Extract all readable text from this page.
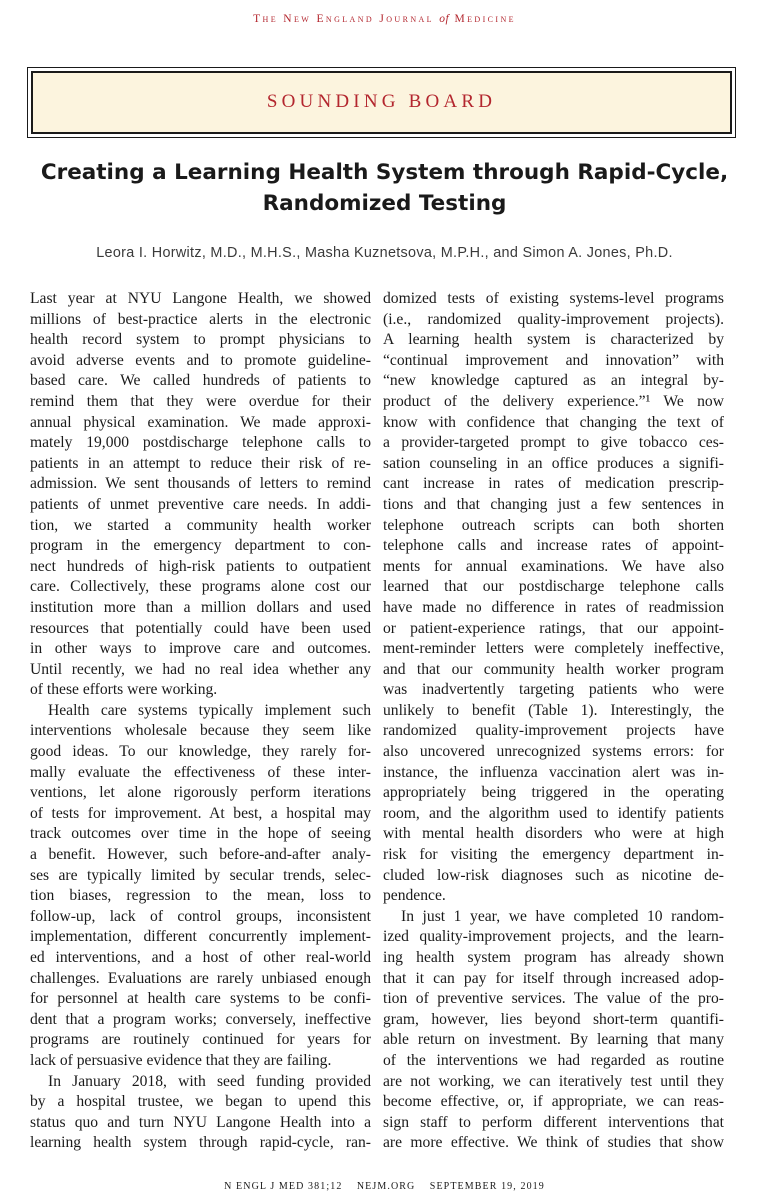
The New England Journal of Medicine
SOUNDING BOARD
Creating a Learning Health System through Rapid-Cycle,
Randomized Testing
Leora I. Horwitz, M.D., M.H.S., Masha Kuznetsova, M.P.H., and Simon A. Jones, Ph.D.
Last year at NYU Langone Health, we showed
millions of best-practice alerts in the electronic
health record system to prompt physicians to
avoid adverse events and to promote guideline-
based care. We called hundreds of patients to
remind them that they were overdue for their
annual physical examination. We made approxi-
mately 19,000 postdischarge telephone calls to
patients in an attempt to reduce their risk of re-
admission. We sent thousands of letters to remind
patients of unmet preventive care needs. In addi-
tion, we started a community health worker
program in the emergency department to con-
nect hundreds of high-risk patients to outpatient
care. Collectively, these programs alone cost our
institution more than a million dollars and used
resources that potentially could have been used
in other ways to improve care and outcomes.
Until recently, we had no real idea whether any
of these efforts were working.
Health care systems typically implement such
interventions wholesale because they seem like
good ideas. To our knowledge, they rarely for-
mally evaluate the effectiveness of these inter-
ventions, let alone rigorously perform iterations
of tests for improvement. At best, a hospital may
track outcomes over time in the hope of seeing
a benefit. However, such before-and-after analy-
ses are typically limited by secular trends, selec-
tion biases, regression to the mean, loss to
follow-up, lack of control groups, inconsistent
implementation, different concurrently implement-
ed interventions, and a host of other real-world
challenges. Evaluations are rarely unbiased enough
for personnel at health care systems to be confi-
dent that a program works; conversely, ineffective
programs are routinely continued for years for
lack of persuasive evidence that they are failing.
In January 2018, with seed funding provided
by a hospital trustee, we began to upend this
status quo and turn NYU Langone Health into a
learning health system through rapid-cycle, ran-
domized tests of existing systems-level programs
(i.e., randomized quality-improvement projects).
A learning health system is characterized by
“continual improvement and innovation” with
“new knowledge captured as an integral by-
product of the delivery experience.”¹ We now
know with confidence that changing the text of
a provider-targeted prompt to give tobacco ces-
sation counseling in an office produces a signifi-
cant increase in rates of medication prescrip-
tions and that changing just a few sentences in
telephone outreach scripts can both shorten
telephone calls and increase rates of appoint-
ments for annual examinations. We have also
learned that our postdischarge telephone calls
have made no difference in rates of readmission
or patient-experience ratings, that our appoint-
ment-reminder letters were completely ineffective,
and that our community health worker program
was inadvertently targeting patients who were
unlikely to benefit (Table 1). Interestingly, the
randomized quality-improvement projects have
also uncovered unrecognized systems errors: for
instance, the influenza vaccination alert was in-
appropriately being triggered in the operating
room, and the algorithm used to identify patients
with mental health disorders who were at high
risk for visiting the emergency department in-
cluded low-risk diagnoses such as nicotine de-
pendence.
In just 1 year, we have completed 10 random-
ized quality-improvement projects, and the learn-
ing health system program has already shown
that it can pay for itself through increased adop-
tion of preventive services. The value of the pro-
gram, however, lies beyond short-term quantifi-
able return on investment. By learning that many
of the interventions we had regarded as routine
are not working, we can iteratively test until they
become effective, or, if appropriate, we can reas-
sign staff to perform different interventions that
are more effective. We think of studies that show
N ENGL J MED 381;12 NEJM.ORG SEPTEMBER 19, 2019
